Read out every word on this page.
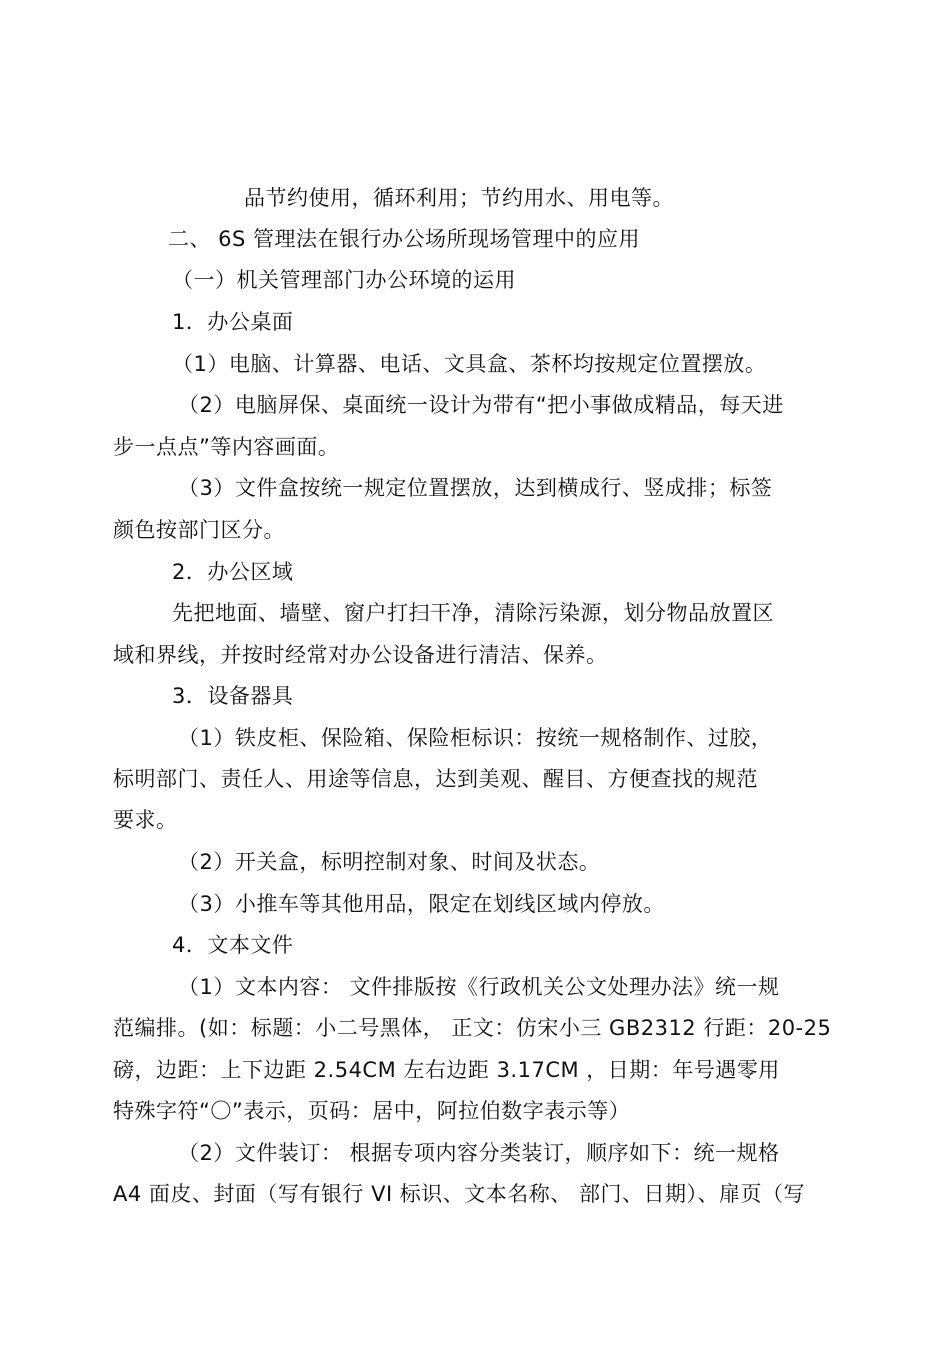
品节约使用，循环利用；节约用水、用电等。
二、 6S 管理法在银行办公场所现场管理中的应用
（一）机关管理部门办公环境的运用
1．办公桌面
（1）电脑、计算器、电话、文具盒、茶杯均按规定位置摆放。
（2）电脑屏保、桌面统一设计为带有“把小事做成精品，每天进
步一点点”等内容画面。
（3）文件盒按统一规定位置摆放，达到横成行、竖成排；标签
颜色按部门区分。
2．办公区域
先把地面、墙壁、窗户打扫干净，清除污染源，划分物品放置区
域和界线，并按时经常对办公设备进行清洁、保养。
3．设备器具
（1）铁皮柜、保险箱、保险柜标识：按统一规格制作、过胶，
标明部门、责任人、用途等信息，达到美观、醒目、方便查找的规范
要求。
（2）开关盒，标明控制对象、时间及状态。
（3）小推车等其他用品，限定在划线区域内停放。
4．文本文件
（1）文本内容： 文件排版按《行政机关公文处理办法》统一规
范编排。(如：标题：小二号黑体， 正文：仿宋小三 GB2312 行距：20-25
磅，边距：上下边距 2.54CM 左右边距 3.17CM ，日期：年号遇零用
特殊字符“〇”表示，页码：居中，阿拉伯数字表示等）
（2）文件装订： 根据专项内容分类装订，顺序如下：统一规格
A4 面皮、封面（写有银行 VI 标识、文本名称、 部门、日期）、扉页（写
